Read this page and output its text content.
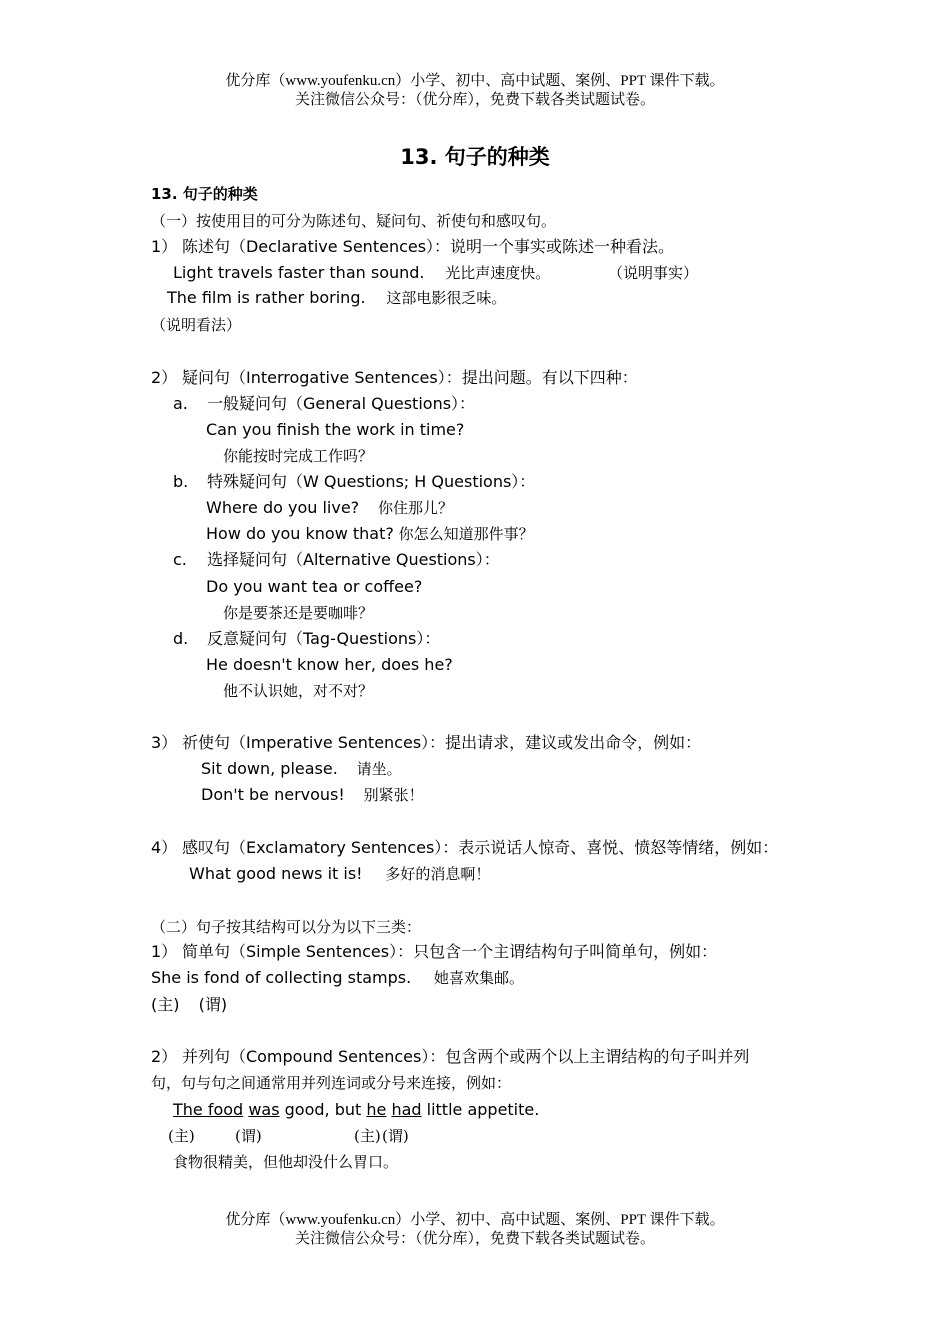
优分库（www.youfenku.cn）小学、初中、高中试题、案例、PPT 课件下载。
关注微信公众号：（优分库），免费下载各类试题试卷。
13. 句子的种类
13. 句子的种类
（一）按使用目的可分为陈述句、疑问句、祈使句和感叹句。
1） 陈述句（Declarative Sentences）：说明一个事实或陈述一种看法。
Light travels faster than sound. 光比声速度快。	（说明事实）
The film is rather boring. 这部电影很乏味。
（说明看法）
2） 疑问句（Interrogative Sentences）：提出问题。有以下四种：
a. 一般疑问句（General Questions）：
Can you finish the work in time?
你能按时完成工作吗？
b. 特殊疑问句（W Questions; H Questions）：
Where do you live? 你住那儿？
How do you know that? 你怎么知道那件事？
c. 选择疑问句（Alternative Questions）：
Do you want tea or coffee?
你是要茶还是要咖啡？
d. 反意疑问句（Tag-Questions）：
He doesn't know her, does he?
他不认识她，对不对？
3） 祈使句（Imperative Sentences）：提出请求，建议或发出命令，例如：
Sit down, please. 请坐。
Don't be nervous! 别紧张！
4） 感叹句（Exclamatory Sentences）：表示说话人惊奇、喜悦、愤怒等情绪，例如：
What good news it is! 多好的消息啊！
（二）句子按其结构可以分为以下三类：
1） 简单句（Simple Sentences）：只包含一个主谓结构句子叫简单句，例如：
She is fond of collecting stamps. 她喜欢集邮。
(主) (谓)
2） 并列句（Compound Sentences）：包含两个或两个以上主谓结构的句子叫并列
句，句与句之间通常用并列连词或分号来连接，例如：
The food was good, but he had little appetite.
(主)	(谓)	(主) (谓)
食物很精美，但他却没什么胃口。
优分库（www.youfenku.cn）小学、初中、高中试题、案例、PPT 课件下载。
关注微信公众号：（优分库），免费下载各类试题试卷。
